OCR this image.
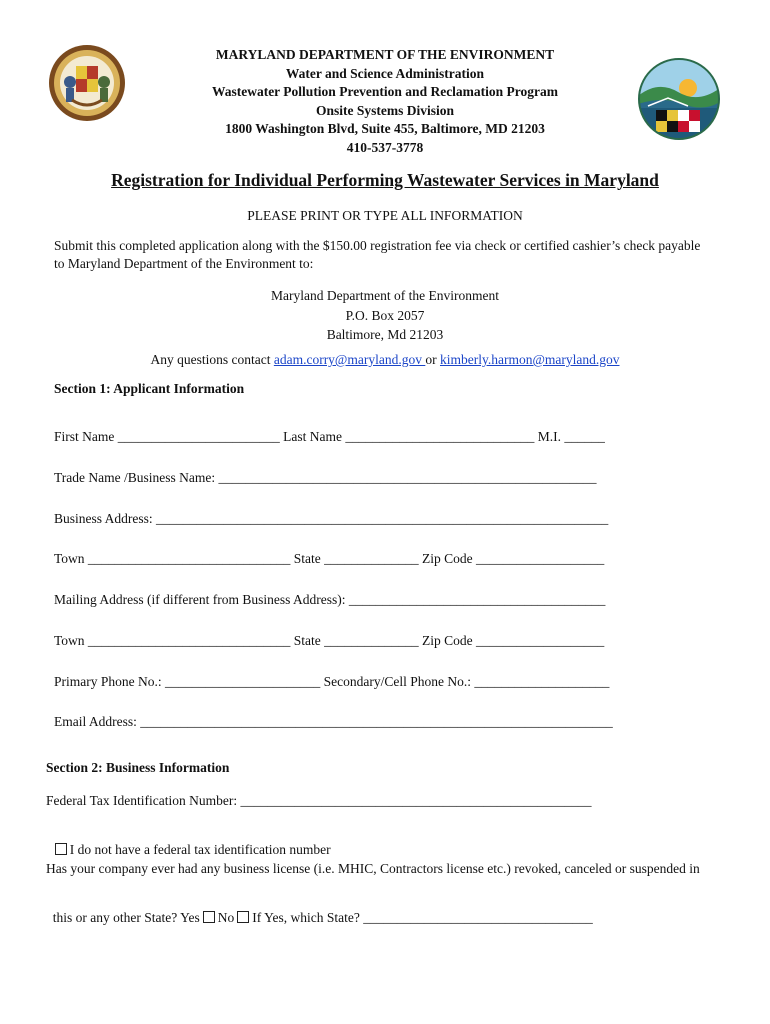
MARYLAND DEPARTMENT OF THE ENVIRONMENT
Water and Science Administration
Wastewater Pollution Prevention and Reclamation Program
Onsite Systems Division
1800 Washington Blvd, Suite 455, Baltimore, MD 21203
410-537-3778
Registration for Individual Performing Wastewater Services in Maryland
PLEASE PRINT OR TYPE ALL INFORMATION
Submit this completed application along with the $150.00 registration fee via check or certified cashier’s check payable
to Maryland Department of the Environment to:
Maryland Department of the Environment
P.O. Box 2057
Baltimore, Md 21203
Any questions contact adam.corry@maryland.gov or kimberly.harmon@maryland.gov
Section 1: Applicant Information
First Name ________________________ Last Name ____________________________ M.I. ______
Trade Name /Business Name: ________________________________________________________
Business Address: ___________________________________________________________________
Town ______________________________ State ______________ Zip Code ___________________
Mailing Address (if different from Business Address): ______________________________________
Town ______________________________ State ______________ Zip Code ___________________
Primary Phone No.: _______________________ Secondary/Cell Phone No.: ____________________
Email Address: ______________________________________________________________________
Section 2: Business Information
Federal Tax Identification Number: ____________________________________________________

I do not have a federal tax identification number

Has your company ever had any business license (i.e. MHIC, Contractors license etc.) revoked, canceled or suspended in

this or any other State? Yes No If Yes, which State? __________________________________
